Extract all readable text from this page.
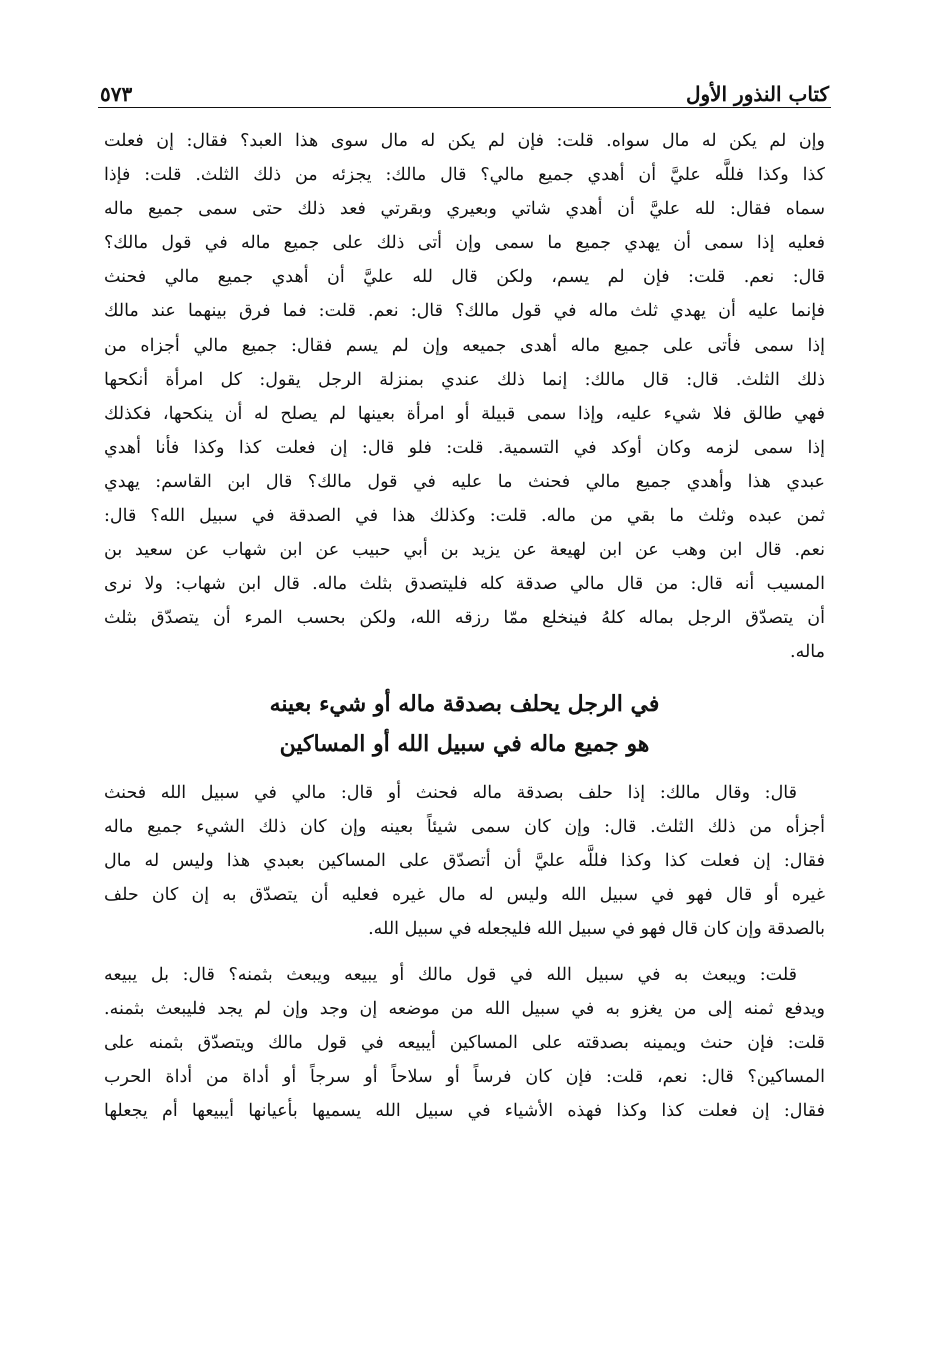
٥٧٣	كتاب النذور الأول
وإن لم يكن له مال سواه. قلت: فإن لم يكن له مال سوى هذا العبد؟ فقال: إن فعلت
كذا وكذا فللَّه عليَّ أن أهدي جميع مالي؟ قال مالك: يجزئه من ذلك الثلث. قلت: فإذا
سماه فقال: لله عليَّ أن أهدي شاتي وبعيري وبقرتي فعد ذلك حتى سمى جميع ماله
فعليه إذا سمى أن يهدي جميع ما سمى وإن أتى ذلك على جميع ماله في قول مالك؟
قال: نعم. قلت: فإن لم يسم، ولكن قال لله عليَّ أن أهدي جميع مالي فحنث
فإنما عليه أن يهدي ثلث ماله في قول مالك؟ قال: نعم. قلت: فما فرق بينهما عند مالك
إذا سمى فأتى على جميع ماله أهدى جميعه وإن لم يسم فقال: جميع مالي أجزاه من
ذلك الثلث. قال: قال مالك: إنما ذلك عندي بمنزلة الرجل يقول: كل امرأة أنكحها
فهي طالق فلا شيء عليه، وإذا سمى قبيلة أو امرأة بعينها لم يصلح له أن ينكحها، فكذلك
إذا سمى لزمه وكان أوكد في التسمية. قلت: فلو قال: إن فعلت كذا وكذا فأنا أهدي
عبدي هذا وأهدي جميع مالي فحنث ما عليه في قول مالك؟ قال ابن القاسم: يهدي
ثمن عبده وثلث ما بقي من ماله. قلت: وكذلك هذا في الصدقة في سبيل الله؟ قال:
نعم. قال ابن وهب عن ابن لهيعة عن يزيد بن أبي حبيب عن ابن شهاب عن سعيد بن
المسيب أنه قال: من قال مالي صدقة كله فليتصدق بثلث ماله. قال ابن شهاب: ولا نرى
أن يتصدّق الرجل بماله كلهُ فينخلع ممّا رزقه الله، ولكن بحسب المرء أن يتصدّق بثلث
ماله.
في الرجل يحلف بصدقة ماله أو شيء بعينه
هو جميع ماله في سبيل الله أو المساكين
قال: وقال مالك: إذا حلف بصدقة ماله فحنث أو قال: مالي في سبيل الله فحنث
أجزأه من ذلك الثلث. قال: وإن كان سمى شيئاً بعينه وإن كان ذلك الشيء جميع ماله
فقال: إن فعلت كذا وكذا فللَّه عليَّ أن أتصدّق على المساكين بعبدي هذا وليس له مال
غيره أو قال فهو في سبيل الله وليس له مال غيره فعليه أن يتصدّق به إن كان حلف
بالصدقة وإن كان قال فهو في سبيل الله فليجعله في سبيل الله.
قلت: ويبعث به في سبيل الله في قول مالك أو يبيعه ويبعث بثمنه؟ قال: بل يبيعه
ويدفع ثمنه إلى من يغزو به في سبيل الله من موضعه إن وجد وإن لم يجد فليبعث بثمنه.
قلت: فإن حنث ويمينه بصدقته على المساكين أيبيعه في قول مالك ويتصدّق بثمنه على
المساكين؟ قال: نعم، قلت: فإن كان فرساً أو سلاحاً أو سرجاً أو أداة من أداة الحرب
فقال: إن فعلت كذا وكذا فهذه الأشياء في سبيل الله يسميها بأعيانها أيبيعها أم يجعلها
